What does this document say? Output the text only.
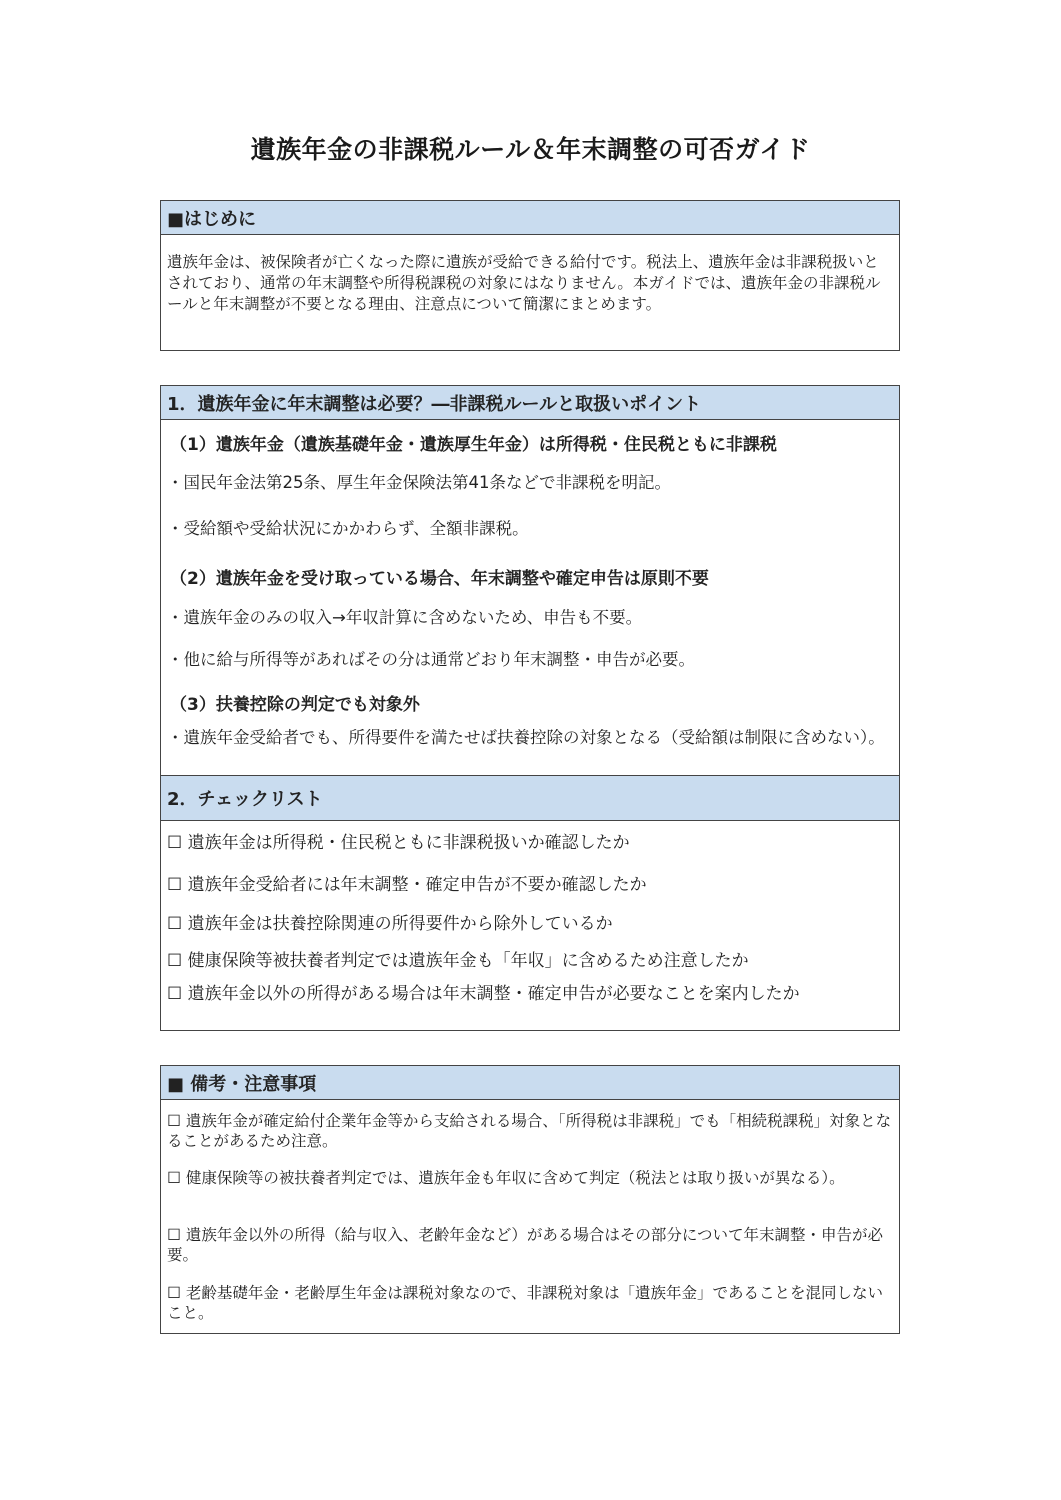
遺族年金の非課税ルール＆年末調整の可否ガイド
■はじめに
遺族年金は、被保険者が亡くなった際に遺族が受給できる給付です。税法上、遺族年金は非課税扱いとされており、通常の年末調整や所得税課税の対象にはなりません。本ガイドでは、遺族年金の非課税ルールと年末調整が不要となる理由、注意点について簡潔にまとめます。
1．遺族年金に年末調整は必要？―非課税ルールと取扱いポイント
（1）遺族年金（遺族基礎年金・遺族厚生年金）は所得税・住民税ともに非課税
・国民年金法第25条、厚生年金保険法第41条などで非課税を明記。
・受給額や受給状況にかかわらず、全額非課税。
（2）遺族年金を受け取っている場合、年末調整や確定申告は原則不要
・遺族年金のみの収入→年収計算に含めないため、申告も不要。
・他に給与所得等があればその分は通常どおり年末調整・申告が必要。
（3）扶養控除の判定でも対象外
・遺族年金受給者でも、所得要件を満たせば扶養控除の対象となる（受給額は制限に含めない）。
2．チェックリスト
☐ 遺族年金は所得税・住民税ともに非課税扱いか確認したか
☐ 遺族年金受給者には年末調整・確定申告が不要か確認したか
☐ 遺族年金は扶養控除関連の所得要件から除外しているか
☐ 健康保険等被扶養者判定では遺族年金も「年収」に含めるため注意したか
☐ 遺族年金以外の所得がある場合は年末調整・確定申告が必要なことを案内したか
■ 備考・注意事項
☐ 遺族年金が確定給付企業年金等から支給される場合、「所得税は非課税」でも「相続税課税」対象となることがあるため注意。
☐ 健康保険等の被扶養者判定では、遺族年金も年収に含めて判定（税法とは取り扱いが異なる）。
☐ 遺族年金以外の所得（給与収入、老齢年金など）がある場合はその部分について年末調整・申告が必要。
☐ 老齢基礎年金・老齢厚生年金は課税対象なので、非課税対象は「遺族年金」であることを混同しないこと。
